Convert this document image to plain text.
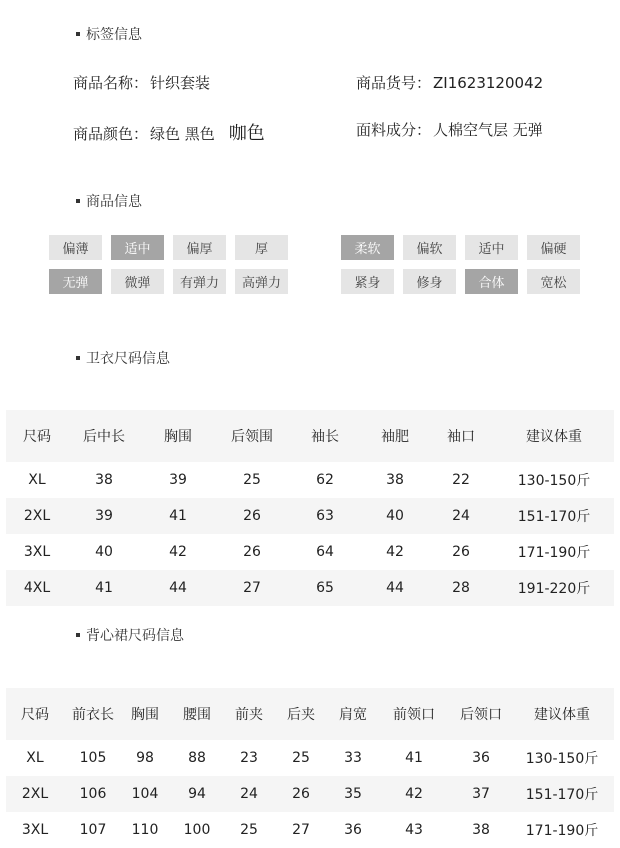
标签信息
商品名称： 针织套装	商品货号： ZI1623120042
商品颜色： 绿色 黑色 咖色	面料成分： 人棉空气层 无弹
商品信息
偏薄	适中	偏厚	厚
无弹	微弹	有弹力	高弹力
柔软	偏软	适中	偏硬
紧身	修身	合体	宽松
卫衣尺码信息
尺码	后中长	胸围	后领围	袖长	袖肥	袖口	建议体重
XL	38	39	25	62	38	22	130-150斤
2XL	39	41	26	63	40	24	151-170斤
3XL	40	42	26	64	42	26	171-190斤
4XL	41	44	27	65	44	28	191-220斤
背心裙尺码信息
尺码	前衣长	胸围	腰围	前夹	后夹	肩宽	前领口	后领口	建议体重
XL	105	98	88	23	25	33	41	36	130-150斤
2XL	106	104	94	24	26	35	42	37	151-170斤
3XL	107	110	100	25	27	36	43	38	171-190斤
